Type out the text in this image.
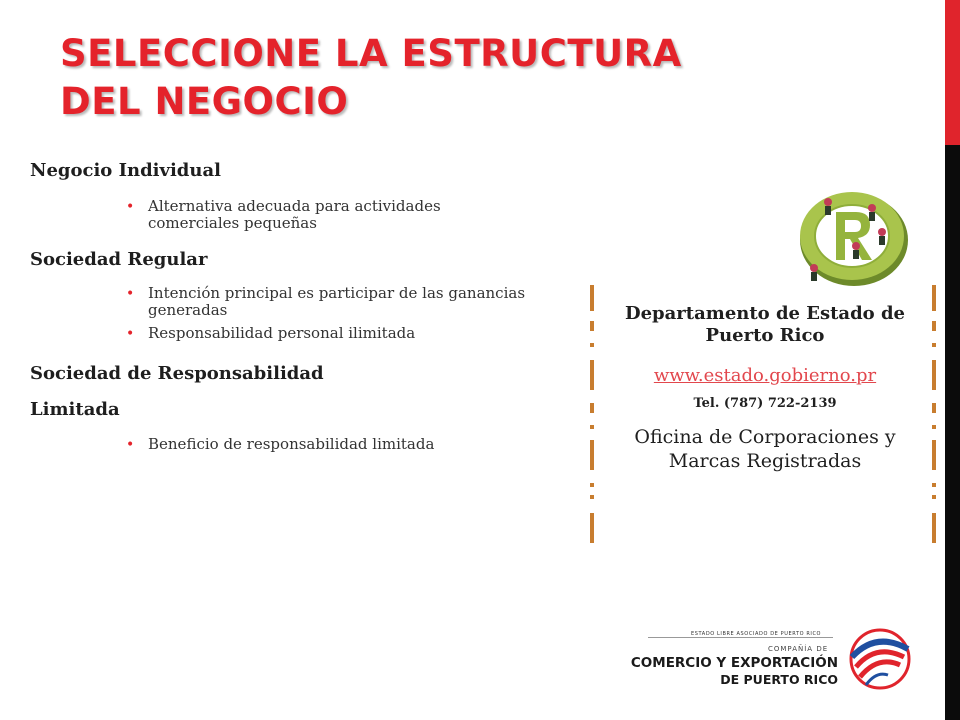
SELECCIONE LA ESTRUCTURA
DEL NEGOCIO

Negocio Individual

• Alternativa adecuada para actividades comerciales pequeñas

Sociedad Regular

• Intención principal es participar de las ganancias generadas
• Responsabilidad personal ilimitada

Sociedad de Responsabilidad

Limitada

• Beneficio de responsabilidad limitada

Departamento de Estado de Puerto Rico

www.estado.gobierno.pr
Tel. (787) 722-2139
Oficina de Corporaciones y Marcas Registradas
ESTADO LIBRE ASOCIADO DE PUERTO RICO
COMPAÑÍA DE
COMERCIO Y EXPORTACIÓN
DE PUERTO RICO
